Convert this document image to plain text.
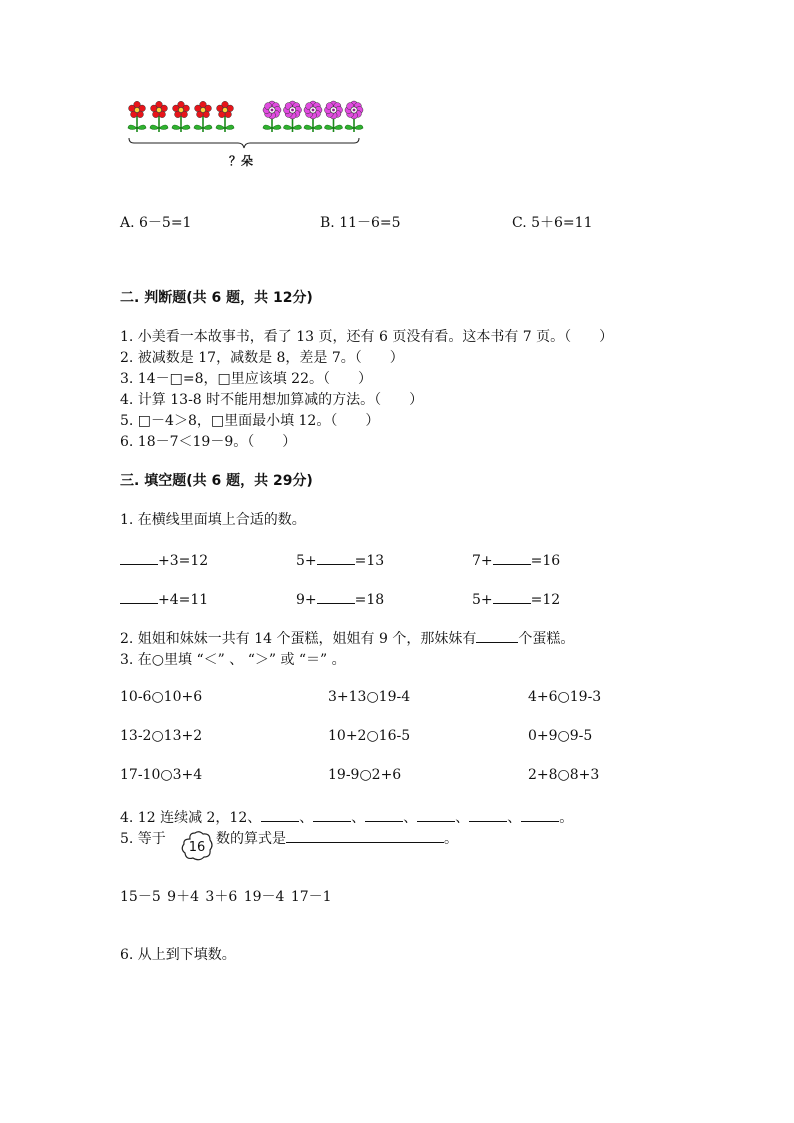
？朵
A. 6－5=1	B. 11－6=5	C. 5＋6=11
二. 判断题(共 6 题，共 12分)
1. 小美看一本故事书，看了 13 页，还有 6 页没有看。这本书有 7 页。（　　）
2. 被减数是 17，减数是 8，差是 7。（　　）
3. 14－□=8，□里应该填 22。（　　）
4. 计算 13-8 时不能用想加算减的方法。（　　）
5. □－4＞8，□里面最小填 12。（　　）
6. 18－7＜19－9。（　　）
三. 填空题(共 6 题，共 29分)
1. 在横线里面填上合适的数。
+3=12	5+	=13	7+	=16
+4=11	9+	=18	5+	=12
2. 姐姐和妹妹一共有 14 个蛋糕，姐姐有 9 个，那妹妹有	个蛋糕。
3. 在○里填 “＜” 、 “＞” 或 “＝” 。
10-6○10+6	3+13○19-4	4+6○19-3
13-2○13+2	10+2○16-5	0+9○9-5
17-10○3+4	19-9○2+6	2+8○8+3
4. 12 连续减 2，12、	、	、	、	、	、	。
5. 等于
16
数的算式是	。
15－5 9＋4 3＋6 19－4 17－1
6. 从上到下填数。
